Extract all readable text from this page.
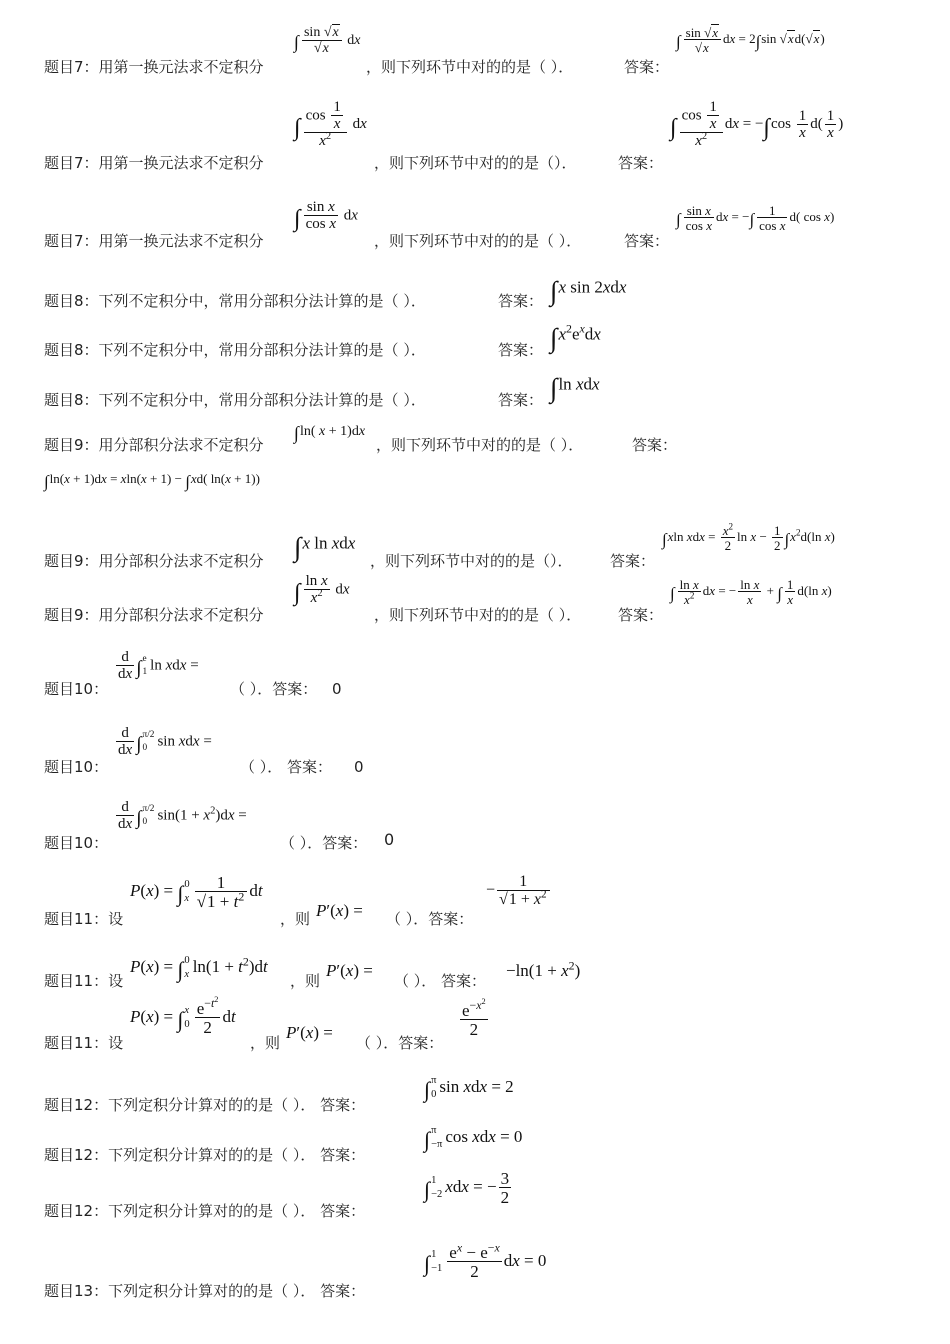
题目7：用第一换元法求不定积分
∫ $\frac{\sin √x}{√x}$ dx
，则下列环节中对的的是（ ）．	答案：
∫ $\frac{\sin √x}{√x}$ dx = 2∫sin √xd(√x)
题目7：用第一换元法求不定积分
∫ $\frac{\cos \frac{1}{x}}{x^2}$ dx
，则下列环节中对的的是（）．	答案：
∫ $\frac{\cos \frac{1}{x}}{x^2}$ dx = $-\int\cos \frac{1}{x} d( \frac{1}{x}$ )
题目7：用第一换元法求不定积分
∫ $\frac{\text{sin x}}{\text{cos x}}$ dx
，则下列环节中对的的是（ ）．	答案：
∫ $\frac{\text{sin x}}{\text{cos x}}$ dx = −∫ $\frac{1}{\text{cos x}} d$( cos x)
题目8：下列不定积分中，常用分部积分法计算的是（ ）．	答案： ∫x sin 2xdx
题目8：下列不定积分中，常用分部积分法计算的是（ ）．	答案： $\int x^2e^xdx$
题目8：下列不定积分中，常用分部积分法计算的是（ ）．	答案： ∫ln xdx
题目9：用分部积分法求不定积分
∫ln( x + 1)dx
，则下列环节中对的的是（ ）．	答案：
∫ln(x + 1)dx = xln(x + 1) − ∫xd( ln(x + 1))
题目9：用分部积分法求不定积分 ∫x ln xdx
，则下列环节中对的的是（）． 答案：
∫xln xdx = $\frac{x^2}{2}$ $\ln x - \frac{1}{2} \int x^2d(\ln$ x)
题目9：用分部积分法求不定积分
∫ $\frac{\text{ln x}}{x^2}$ dx
，则下列环节中对的的是（ ）． 答案：
∫ $\frac{\text{ln x}}{x^2}$ dx = − $\frac{\text{ln x}}{x}$ + ∫ $\frac{1}{x} d(\ln$ x)
题目10：
$\frac{d}{dx}$ ∫ e
1 ln xdx =
（ ）．答案： 0
题目10：
$\frac{d}{dx}$ ∫ π/2
0 sin xdx =
（ ）． 答案： 0
题目10：
$\frac{d}{dx}$ ∫ π/2
0 $\sin(1 + x^2)dx$ =
（ ）．答案： 0
题目11：设
P(x) = ∫ 0
x $\frac{1}{√1 + t^2}$ dt
，则 P′(x) = （ ）．答案：
− $\frac{1}{√1 + x^2}$
题目11：设
P(x) = ∫ 0
x $\ln(1 + t^2)dt$
，则
P′(x) =
（ ）． 答案：
$-\ln(1 + x^2)$
题目11：设
P(x) = ∫ x
$0 \frac{e^{-t^2}}{2}$ dt
，则
P′(x) =
（ ）．答案：
$\frac{e^{-x^2}}{2}$
题目12：下列定积分计算对的的是（ ）． 答案：
∫ π
0 sin xdx = 2
题目12：下列定积分计算对的的是（ ）． 答案：
∫ π
−π cos xdx = 0
题目12：下列定积分计算对的的是（ ）． 答案：
∫ 1
−2 xdx = − $\frac{3}{2}$
题目13：下列定积分计算对的的是（ ）． 答案：
∫ 1
$-1 \frac{e^x - e^{-x}}{2}$ dx = 0
